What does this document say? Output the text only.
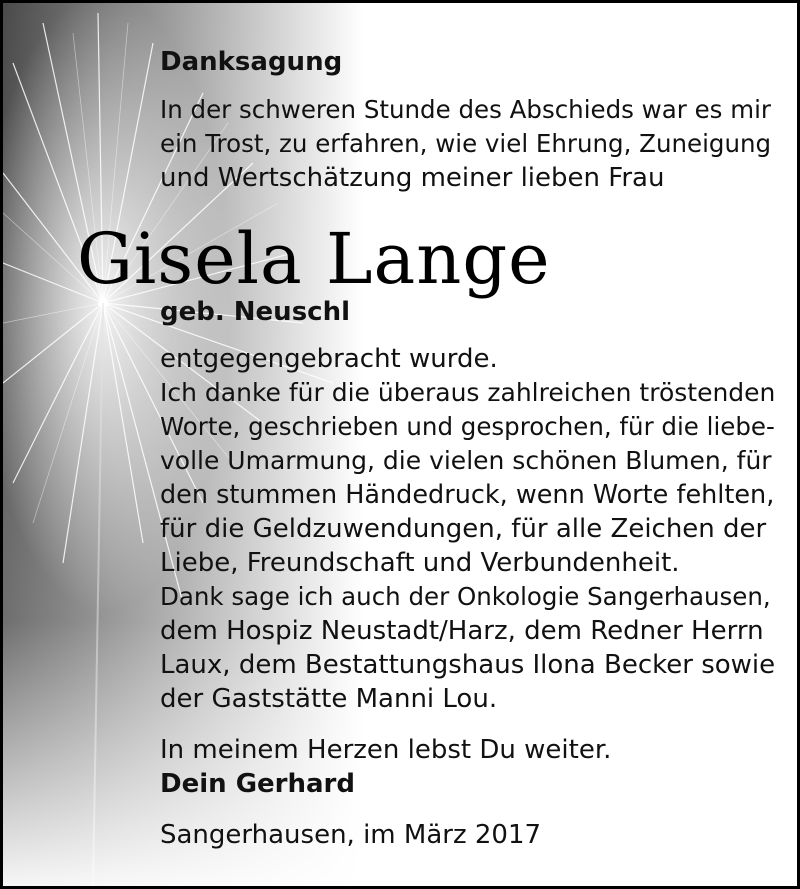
Danksagung
In der schweren Stunde des Abschieds war es mir
ein Trost, zu erfahren, wie viel Ehrung, Zuneigung
und Wertschätzung meiner lieben Frau
Gisela Lange
geb. Neuschl
entgegengebracht wurde.
Ich danke für die überaus zahlreichen tröstenden
Worte, geschrieben und gesprochen, für die liebe-
volle Umarmung, die vielen schönen Blumen, für
den stummen Händedruck, wenn Worte fehlten,
für die Geldzuwendungen, für alle Zeichen der
Liebe, Freundschaft und Verbundenheit.
Dank sage ich auch der Onkologie Sangerhausen,
dem Hospiz Neustadt/Harz, dem Redner Herrn
Laux, dem Bestattungshaus Ilona Becker sowie
der Gaststätte Manni Lou.
In meinem Herzen lebst Du weiter.
Dein Gerhard
Sangerhausen, im März 2017
